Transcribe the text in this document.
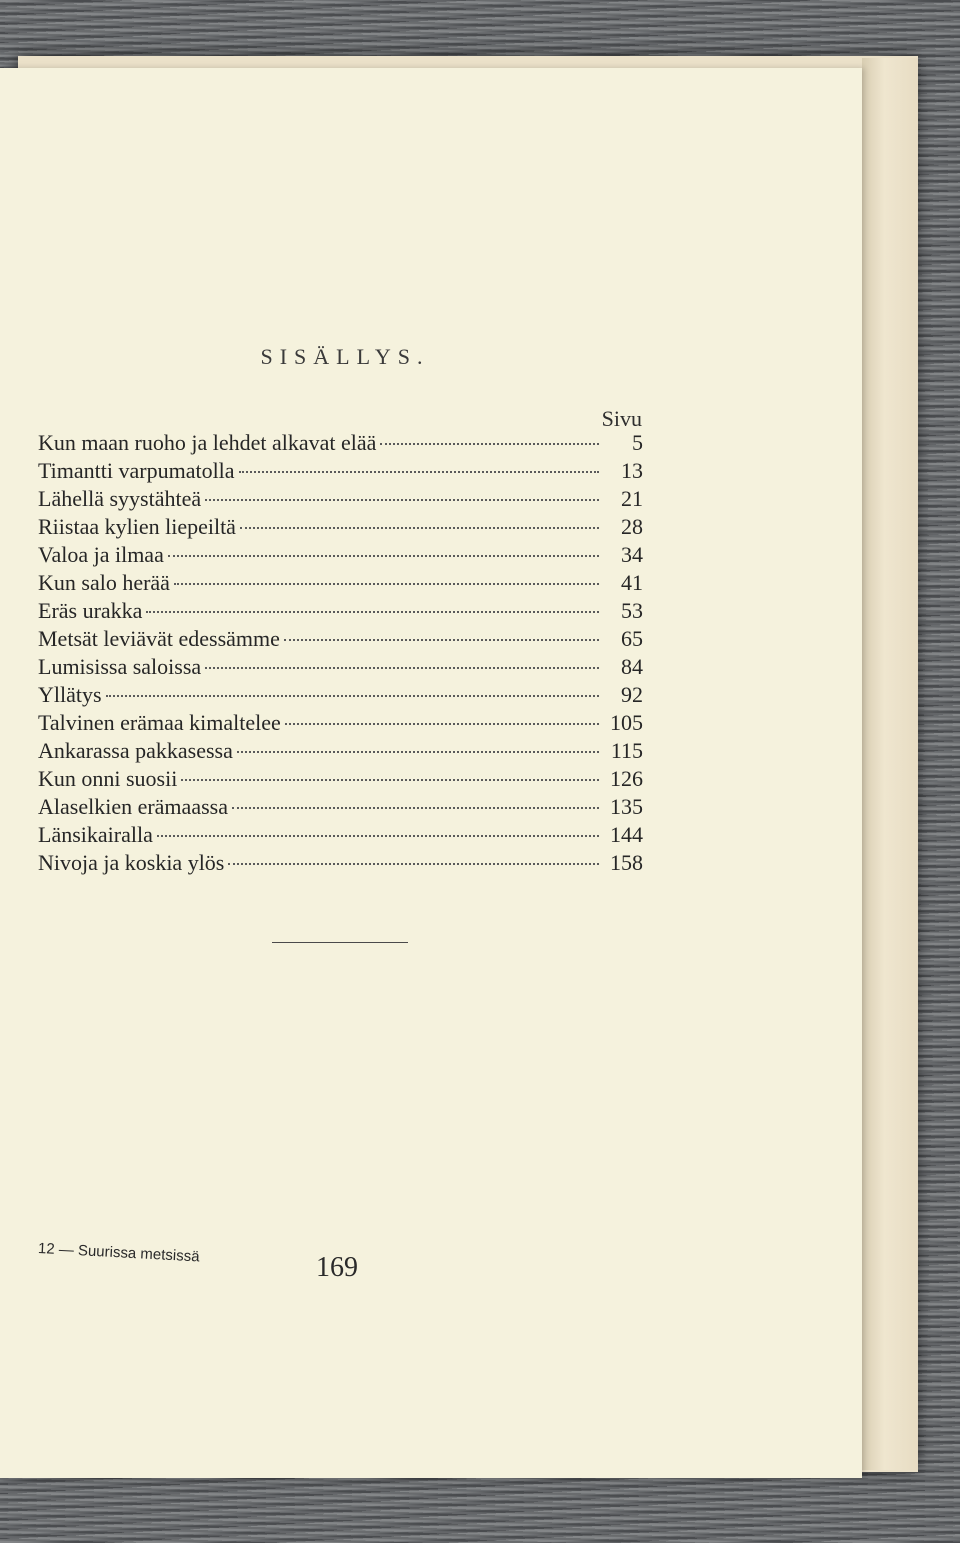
SISÄLLYS.
Sivu
Kun maan ruoho ja lehdet alkavat elää	5
Timantti varpumatolla	13
Lähellä syystähteä	21
Riistaa kylien liepeiltä	28
Valoa ja ilmaa	34
Kun salo herää	41
Eräs urakka	53
Metsät leviävät edessämme	65
Lumisissa saloissa	84
Yllätys	92
Talvinen erämaa kimaltelee	105
Ankarassa pakkasessa	115
Kun onni suosii	126
Alaselkien erämaassa	135
Länsikairalla	144
Nivoja ja koskia ylös	158
12 — Suurissa metsissä	169
